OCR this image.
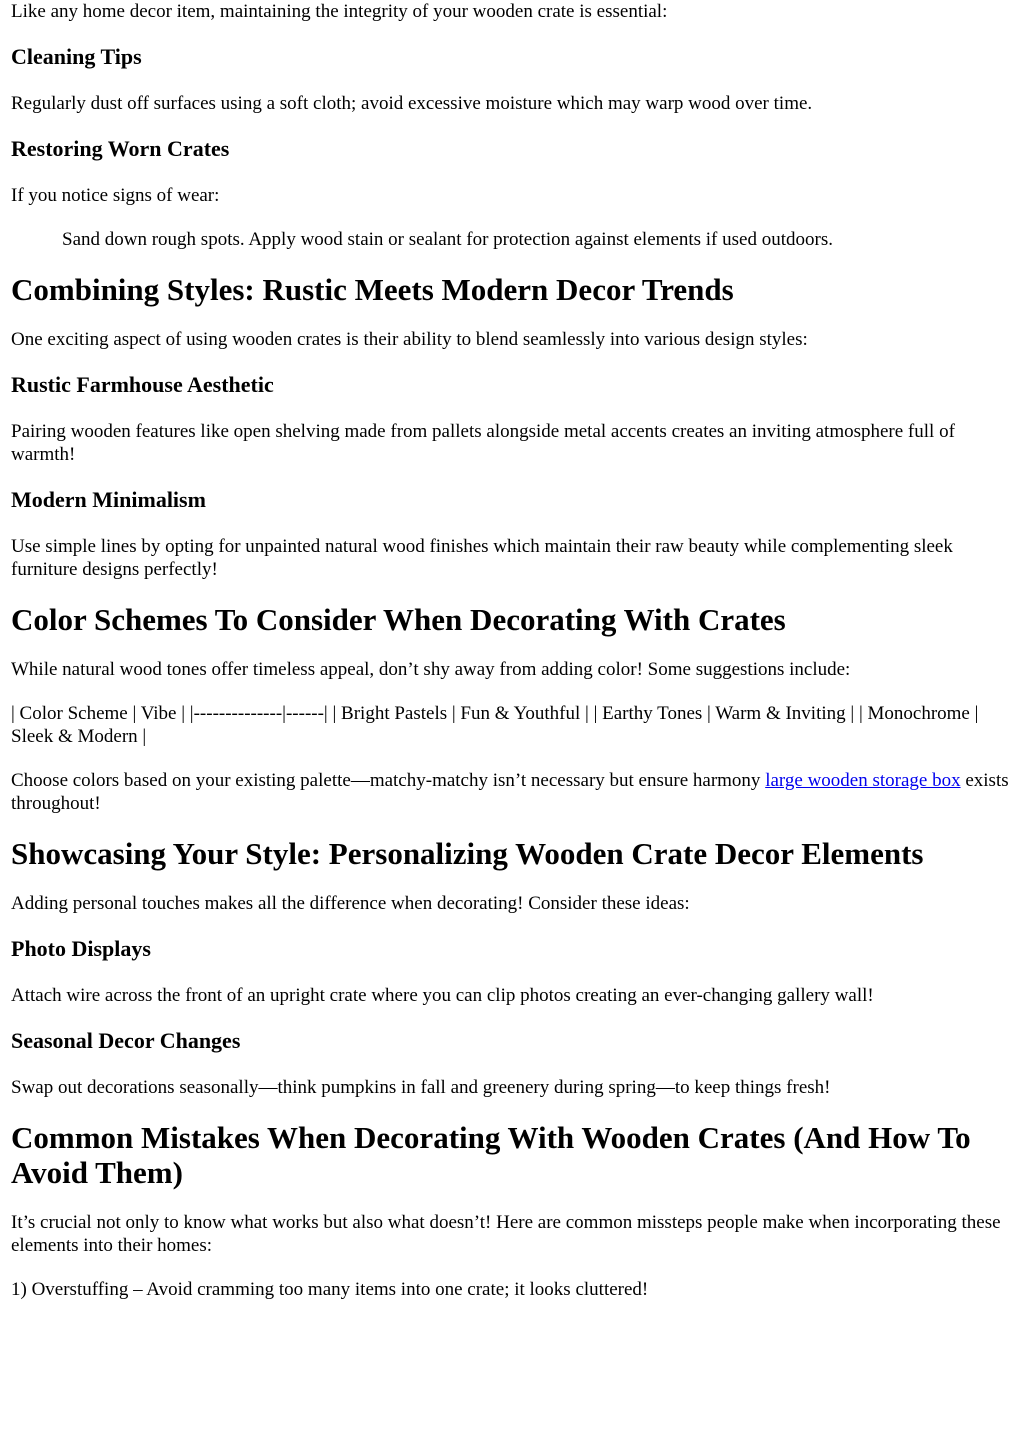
Like any home decor item, maintaining the integrity of your wooden crate is essential:

Cleaning Tips

Regularly dust off surfaces using a soft cloth; avoid excessive moisture which may warp wood over time.

Restoring Worn Crates

If you notice signs of wear:

Sand down rough spots. Apply wood stain or sealant for protection against elements if used outdoors.
Combining Styles: Rustic Meets Modern Decor Trends

One exciting aspect of using wooden crates is their ability to blend seamlessly into various design styles:

Rustic Farmhouse Aesthetic

Pairing wooden features like open shelving made from pallets alongside metal accents creates an inviting atmosphere full of warmth!

Modern Minimalism

Use simple lines by opting for unpainted natural wood finishes which maintain their raw beauty while complementing sleek furniture designs perfectly!

Color Schemes To Consider When Decorating With Crates

While natural wood tones offer timeless appeal, don’t shy away from adding color! Some suggestions include:

| Color Scheme | Vibe | |--------------|------| | Bright Pastels | Fun & Youthful | | Earthy Tones | Warm & Inviting | | Monochrome | Sleek & Modern |

Choose colors based on your existing palette—matchy-matchy isn’t necessary but ensure harmony large wooden storage box exists throughout!

Showcasing Your Style: Personalizing Wooden Crate Decor Elements

Adding personal touches makes all the difference when decorating! Consider these ideas:

Photo Displays

Attach wire across the front of an upright crate where you can clip photos creating an ever-changing gallery wall!

Seasonal Decor Changes

Swap out decorations seasonally—think pumpkins in fall and greenery during spring—to keep things fresh!

Common Mistakes When Decorating With Wooden Crates (And How To Avoid Them)

It’s crucial not only to know what works but also what doesn’t! Here are common missteps people make when incorporating these elements into their homes:

1) Overstuffing – Avoid cramming too many items into one crate; it looks cluttered!
